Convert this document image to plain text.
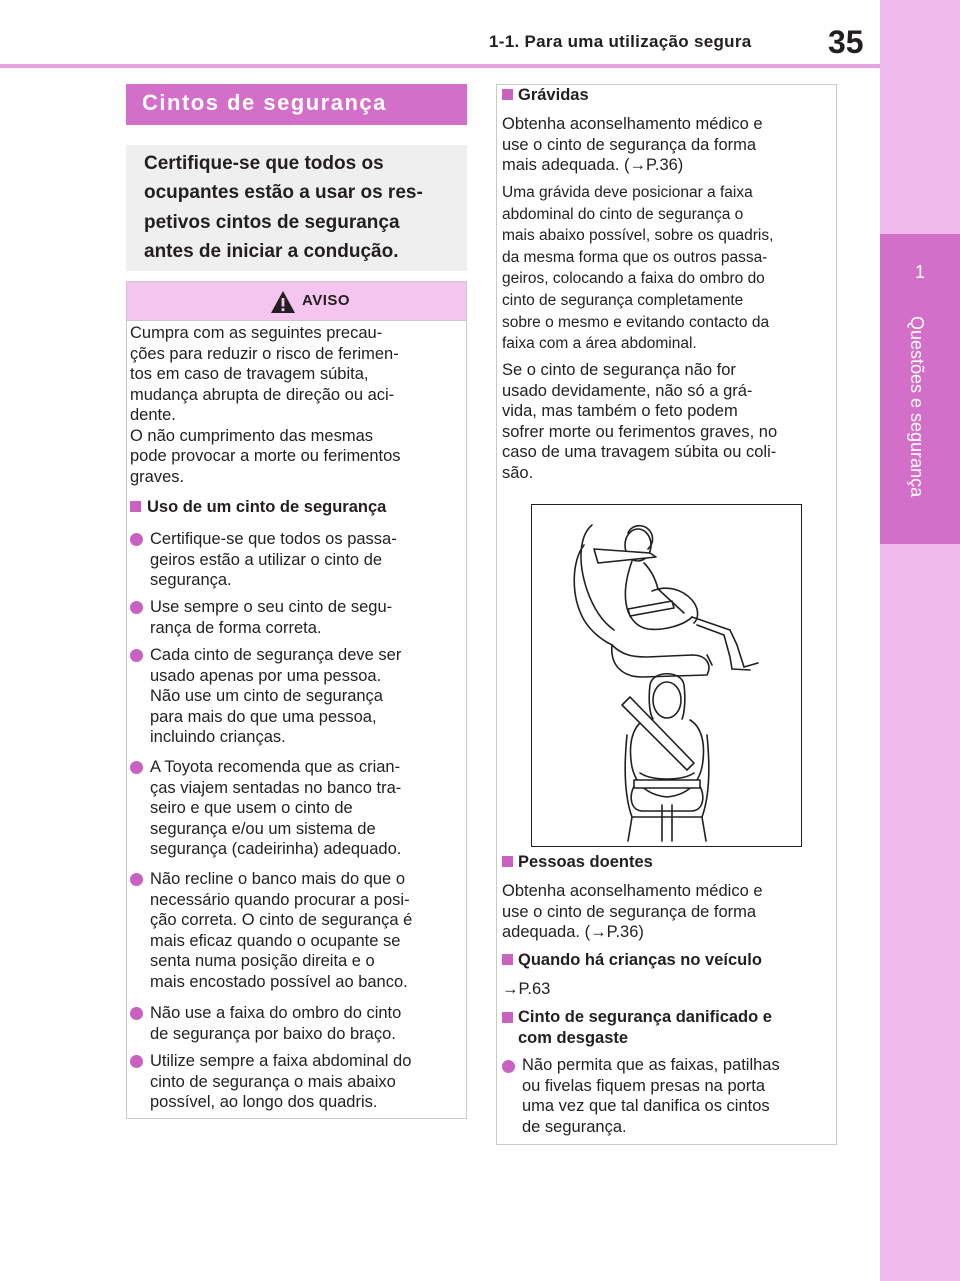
1-1. Para uma utilização segura 35
1
Questões e segurança
Cintos de segurança
Certifique-se que todos os
ocupantes estão a usar os res-
petivos cintos de segurança
antes de iniciar a condução.
AVISO
Cumpra com as seguintes precau-
ções para reduzir o risco de ferimen-
tos em caso de travagem súbita,
mudança abrupta de direção ou aci-
dente.
O não cumprimento das mesmas
pode provocar a morte ou ferimentos
graves.
Uso de um cinto de segurança
Certifique-se que todos os passa-
geiros estão a utilizar o cinto de
segurança.
Use sempre o seu cinto de segu-
rança de forma correta.
Cada cinto de segurança deve ser
usado apenas por uma pessoa.
Não use um cinto de segurança
para mais do que uma pessoa,
incluindo crianças.
A Toyota recomenda que as crian-
ças viajem sentadas no banco tra-
seiro e que usem o cinto de
segurança e/ou um sistema de
segurança (cadeirinha) adequado.
Não recline o banco mais do que o
necessário quando procurar a posi-
ção correta. O cinto de segurança é
mais eficaz quando o ocupante se
senta numa posição direita e o
mais encostado possível ao banco.
Não use a faixa do ombro do cinto
de segurança por baixo do braço.
Utilize sempre a faixa abdominal do
cinto de segurança o mais abaixo
possível, ao longo dos quadris.
Grávidas
Obtenha aconselhamento médico e
use o cinto de segurança da forma
mais adequada. (→P.36)
Uma grávida deve posicionar a faixa
abdominal do cinto de segurança o
mais abaixo possível, sobre os quadris,
da mesma forma que os outros passa-
geiros, colocando a faixa do ombro do
cinto de segurança completamente
sobre o mesmo e evitando contacto da
faixa com a área abdominal.
Se o cinto de segurança não for
usado devidamente, não só a grá-
vida, mas também o feto podem
sofrer morte ou ferimentos graves, no
caso de uma travagem súbita ou coli-
são.
Pessoas doentes
Obtenha aconselhamento médico e
use o cinto de segurança de forma
adequada. (→P.36)
Quando há crianças no veículo
→P.63
Cinto de segurança danificado e
com desgaste
Não permita que as faixas, patilhas
ou fivelas fiquem presas na porta
uma vez que tal danifica os cintos
de segurança.
